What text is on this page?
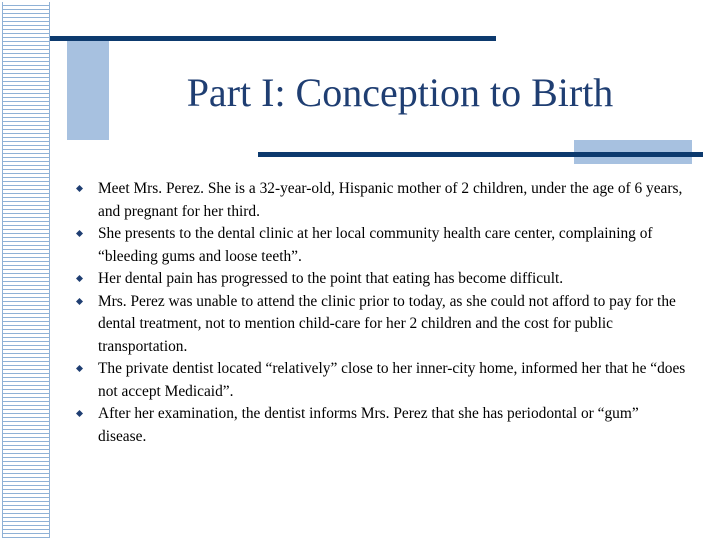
Part I: Conception to Birth
Meet Mrs. Perez. She is a 32-year-old, Hispanic mother of 2 children, under the age of 6 years, and pregnant for her third.
She presents to the dental clinic at her local community health care center, complaining of “bleeding gums and loose teeth”.
Her dental pain has progressed to the point that eating has become difficult.
Mrs. Perez was unable to attend the clinic prior to today, as she could not afford to pay for the dental treatment, not to mention child-care for her 2 children and the cost for public transportation.
The private dentist located “relatively” close to her inner-city home, informed her that he “does not accept Medicaid”.
After her examination, the dentist informs Mrs. Perez that she has periodontal or “gum” disease.
